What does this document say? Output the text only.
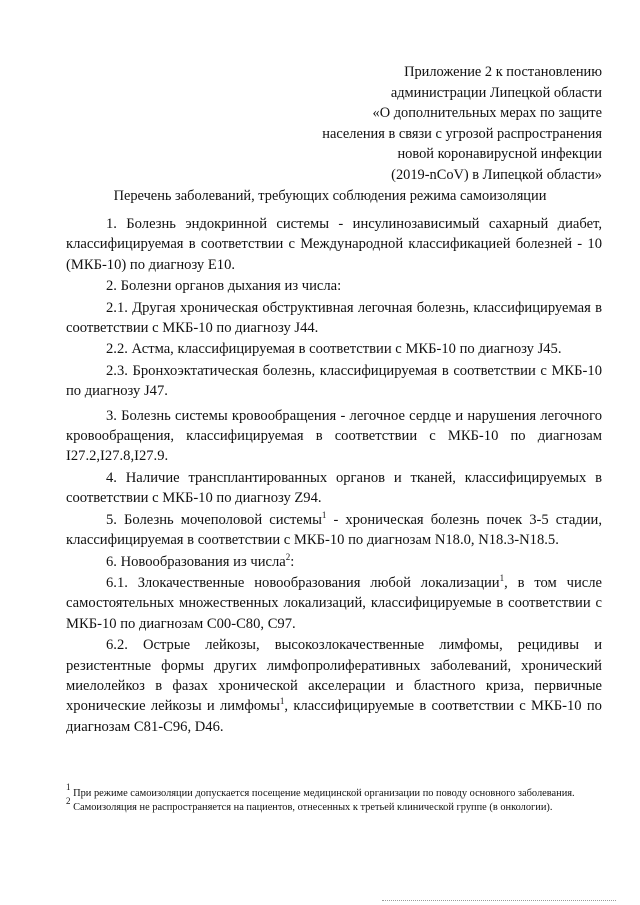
Приложение 2 к постановлению
администрации Липецкой области
«О дополнительных мерах по защите
населения в связи с угрозой распространения
новой коронавирусной инфекции
(2019-nCoV) в Липецкой области»
Перечень заболеваний, требующих соблюдения режима самоизоляции

1. Болезнь эндокринной системы - инсулинозависимый сахарный диабет, классифицируемая в соответствии с Международной классификацией болезней - 10 (МКБ-10) по диагнозу Е10.

2. Болезни органов дыхания из числа:

2.1. Другая хроническая обструктивная легочная болезнь, классифицируемая в соответствии с МКБ-10 по диагнозу J44.

2.2. Астма, классифицируемая в соответствии с МКБ-10 по диагнозу J45.

2.3. Бронхоэктатическая болезнь, классифицируемая в соответствии с МКБ-10 по диагнозу J47.

3. Болезнь системы кровообращения - легочное сердце и нарушения легочного кровообращения, классифицируемая в соответствии с МКБ-10 по диагнозам I27.2,I27.8,I27.9.

4. Наличие трансплантированных органов и тканей, классифицируемых в соответствии с МКБ-10 по диагнозу Z94.

5. Болезнь мочеполовой системы$^1$ - хроническая болезнь почек 3-5 стадии, классифицируемая в соответствии с МКБ-10 по диагнозам N18.0, N18.3-N18.5.

6. Новообразования из числа$^2$:

6.1. Злокачественные новообразования любой локализации$^1$, в том числе самостоятельных множественных локализаций, классифицируемые в соответствии с МКБ-10 по диагнозам С00-С80, С97.

6.2. Острые лейкозы, высокозлокачественные лимфомы, рецидивы и резистентные формы других лимфопролиферативных заболеваний, хронический миелолейкоз в фазах хронической акселерации и бластного криза, первичные хронические лейкозы и лимфомы$^1$, классифицируемые в соответствии с МКБ-10 по диагнозам С81-С96, D46.

$^1$ При режиме самоизоляции допускается посещение медицинской организации по поводу основного заболевания.

$^2$ Самоизоляция не распространяется на пациентов, отнесенных к третьей клинической группе (в онкологии).
